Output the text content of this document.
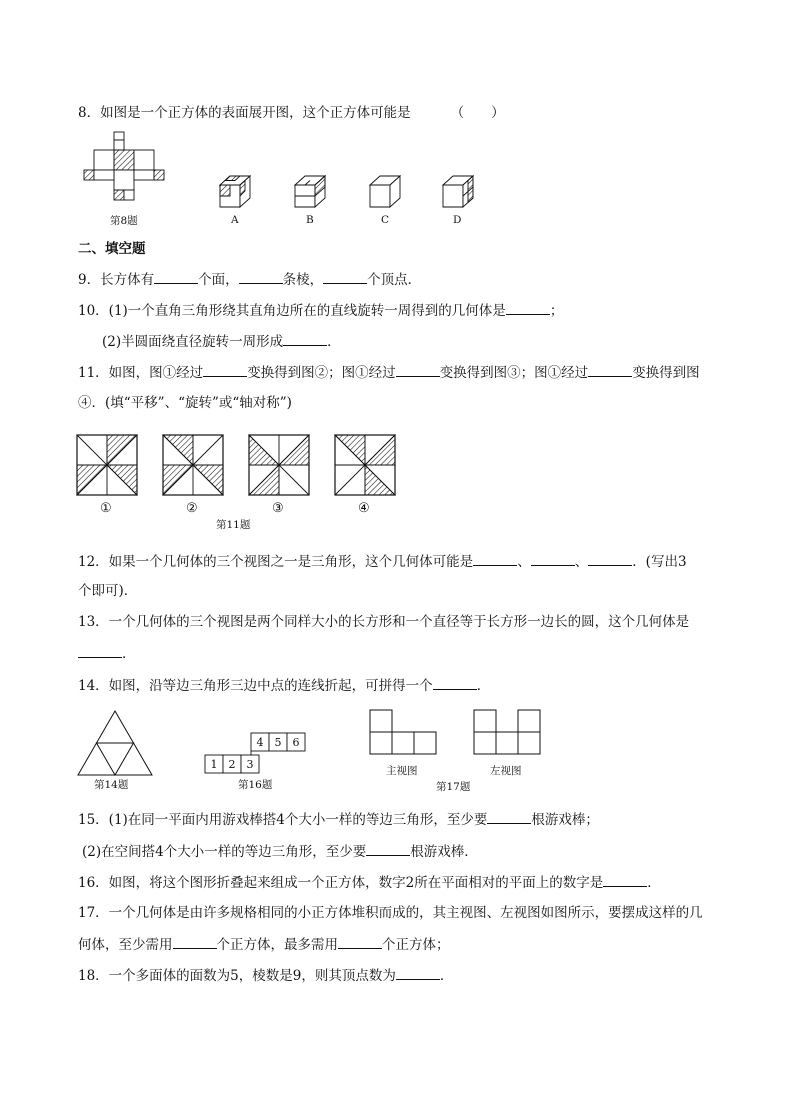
8．如图是一个正方体的表面展开图，这个正方体可能是	（　　）
第8题	A	B	C	D
二、填空题
9．长方体有	个面，	条棱，	个顶点．
10．(1)一个直角三角形绕其直角边所在的直线旋转一周得到的几何体是	；
(2)半圆面绕直径旋转一周形成	．
11．如图，图①经过	变换得到图②；图①经过	变换得到图③；图①经过	变换得到图
④．(填“平移”、“旋转”或“轴对称”)
①	②	③	④
第11题
12．如果一个几何体的三个视图之一是三角形，这个几何体可能是	、	、	．(写出3
个即可)．
13．一个几何体的三个视图是两个同样大小的长方形和一个直径等于长方形一边长的圆，这个几何体是
．
14．如图，沿等边三角形三边中点的连线折起，可拼得一个	．
第14题
4 5 6
1 2 3
第16题
主视图	左视图
第17题
15．(1)在同一平面内用游戏棒搭4个大小一样的等边三角形，至少要	根游戏棒；
(2)在空间搭4个大小一样的等边三角形，至少要	根游戏棒．
16．如图，将这个图形折叠起来组成一个正方体，数字2所在平面相对的平面上的数字是	．
17．一个几何体是由许多规格相同的小正方体堆积而成的，其主视图、左视图如图所示，要摆成这样的几
何体，至少需用	个正方体，最多需用	个正方体；
18．一个多面体的面数为5，棱数是9，则其顶点数为	．
